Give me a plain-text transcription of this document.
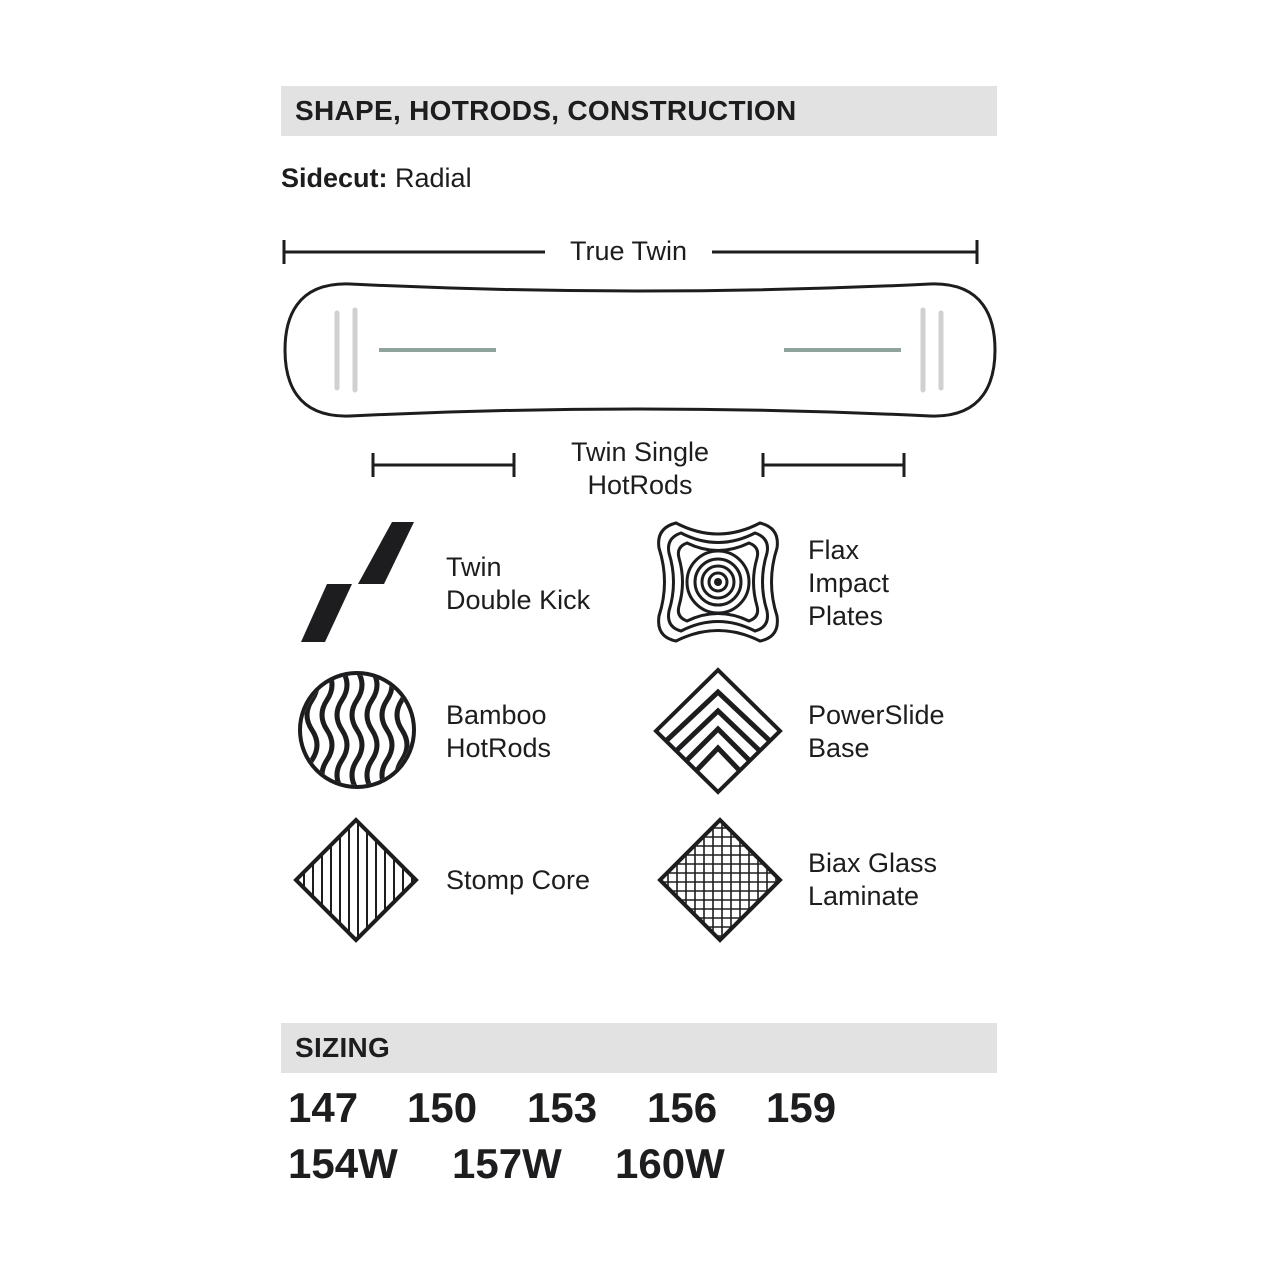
SHAPE, HOTRODS, CONSTRUCTION
Sidecut: Radial
True Twin
Twin Single
HotRods
Twin
Double Kick
Flax
Impact
Plates
Bamboo
HotRods
PowerSlide
Base
Stomp Core
Biax Glass
Laminate
SIZING
147	150	153	156	159
154W	157W	160W
